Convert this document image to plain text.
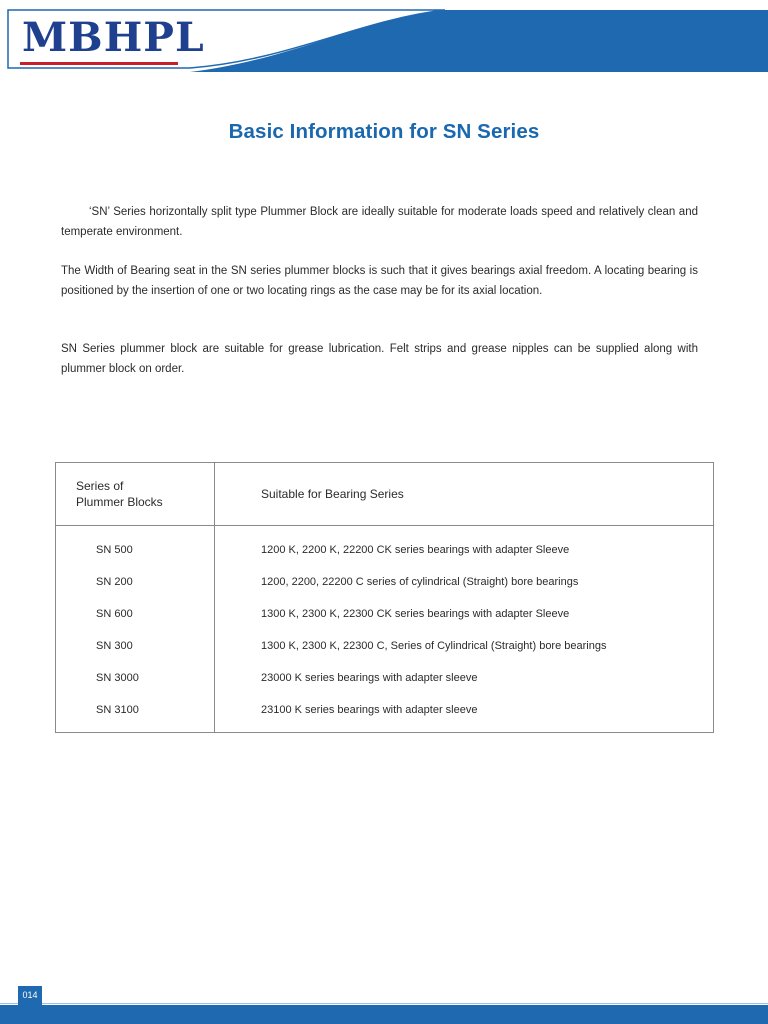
MBHPL
Basic Information for SN Series

‘SN’ Series horizontally split type Plummer Block are ideally suitable for moderate loads speed and relatively clean and temperate environment.

The Width of Bearing seat in the SN series plummer blocks is such that it gives bearings axial freedom. A locating bearing is positioned by the insertion of one or two locating rings as the case may be for its axial location.

SN Series plummer block are suitable for grease lubrication. Felt strips and grease nipples can be supplied along with plummer block on order.

Series of
Plummer Blocks	Suitable for Bearing Series
SN 500	1200 K, 2200 K, 22200 CK series bearings with adapter Sleeve
SN 200	1200, 2200, 22200 C series of cylindrical (Straight) bore bearings
SN 600	1300 K, 2300 K, 22300 CK series bearings with adapter Sleeve
SN 300	1300 K, 2300 K, 22300 C, Series of Cylindrical (Straight) bore bearings
SN 3000	23000 K series bearings with adapter sleeve
SN 3100	23100 K series bearings with adapter sleeve
014
